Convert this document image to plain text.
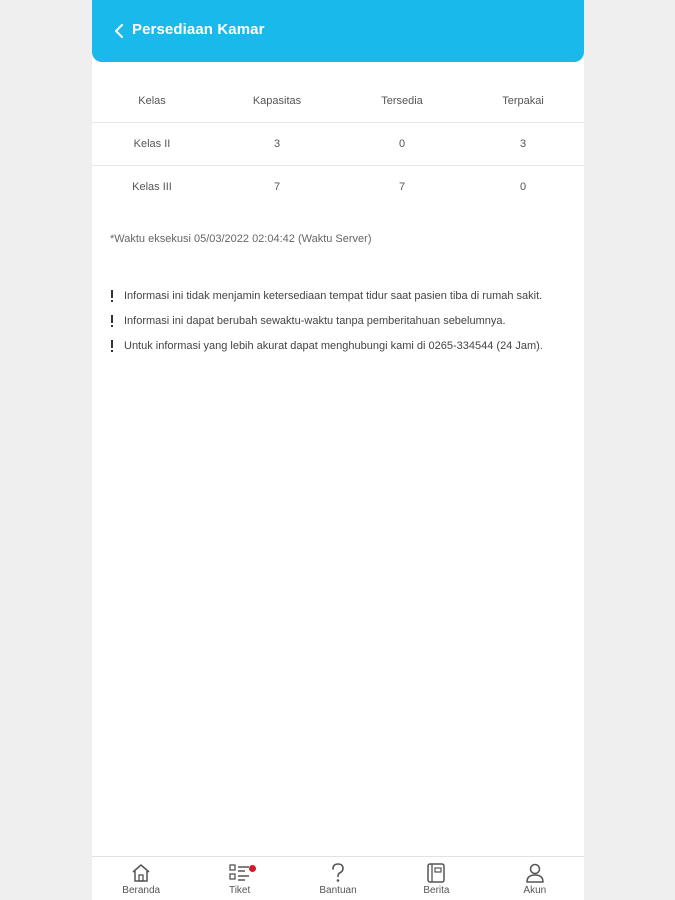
Persediaan Kamar
Kelas	Kapasitas	Tersedia	Terpakai
Kelas II	3	0	3
Kelas III	7	7	0
*Waktu eksekusi 05/03/2022 02:04:42 (Waktu Server)
Informasi ini tidak menjamin ketersediaan tempat tidur saat pasien tiba di rumah sakit.
Informasi ini dapat berubah sewaktu-waktu tanpa pemberitahuan sebelumnya.
Untuk informasi yang lebih akurat dapat menghubungi kami di 0265-334544 (24 Jam).
Beranda	Tiket	Bantuan	Berita	Akun
